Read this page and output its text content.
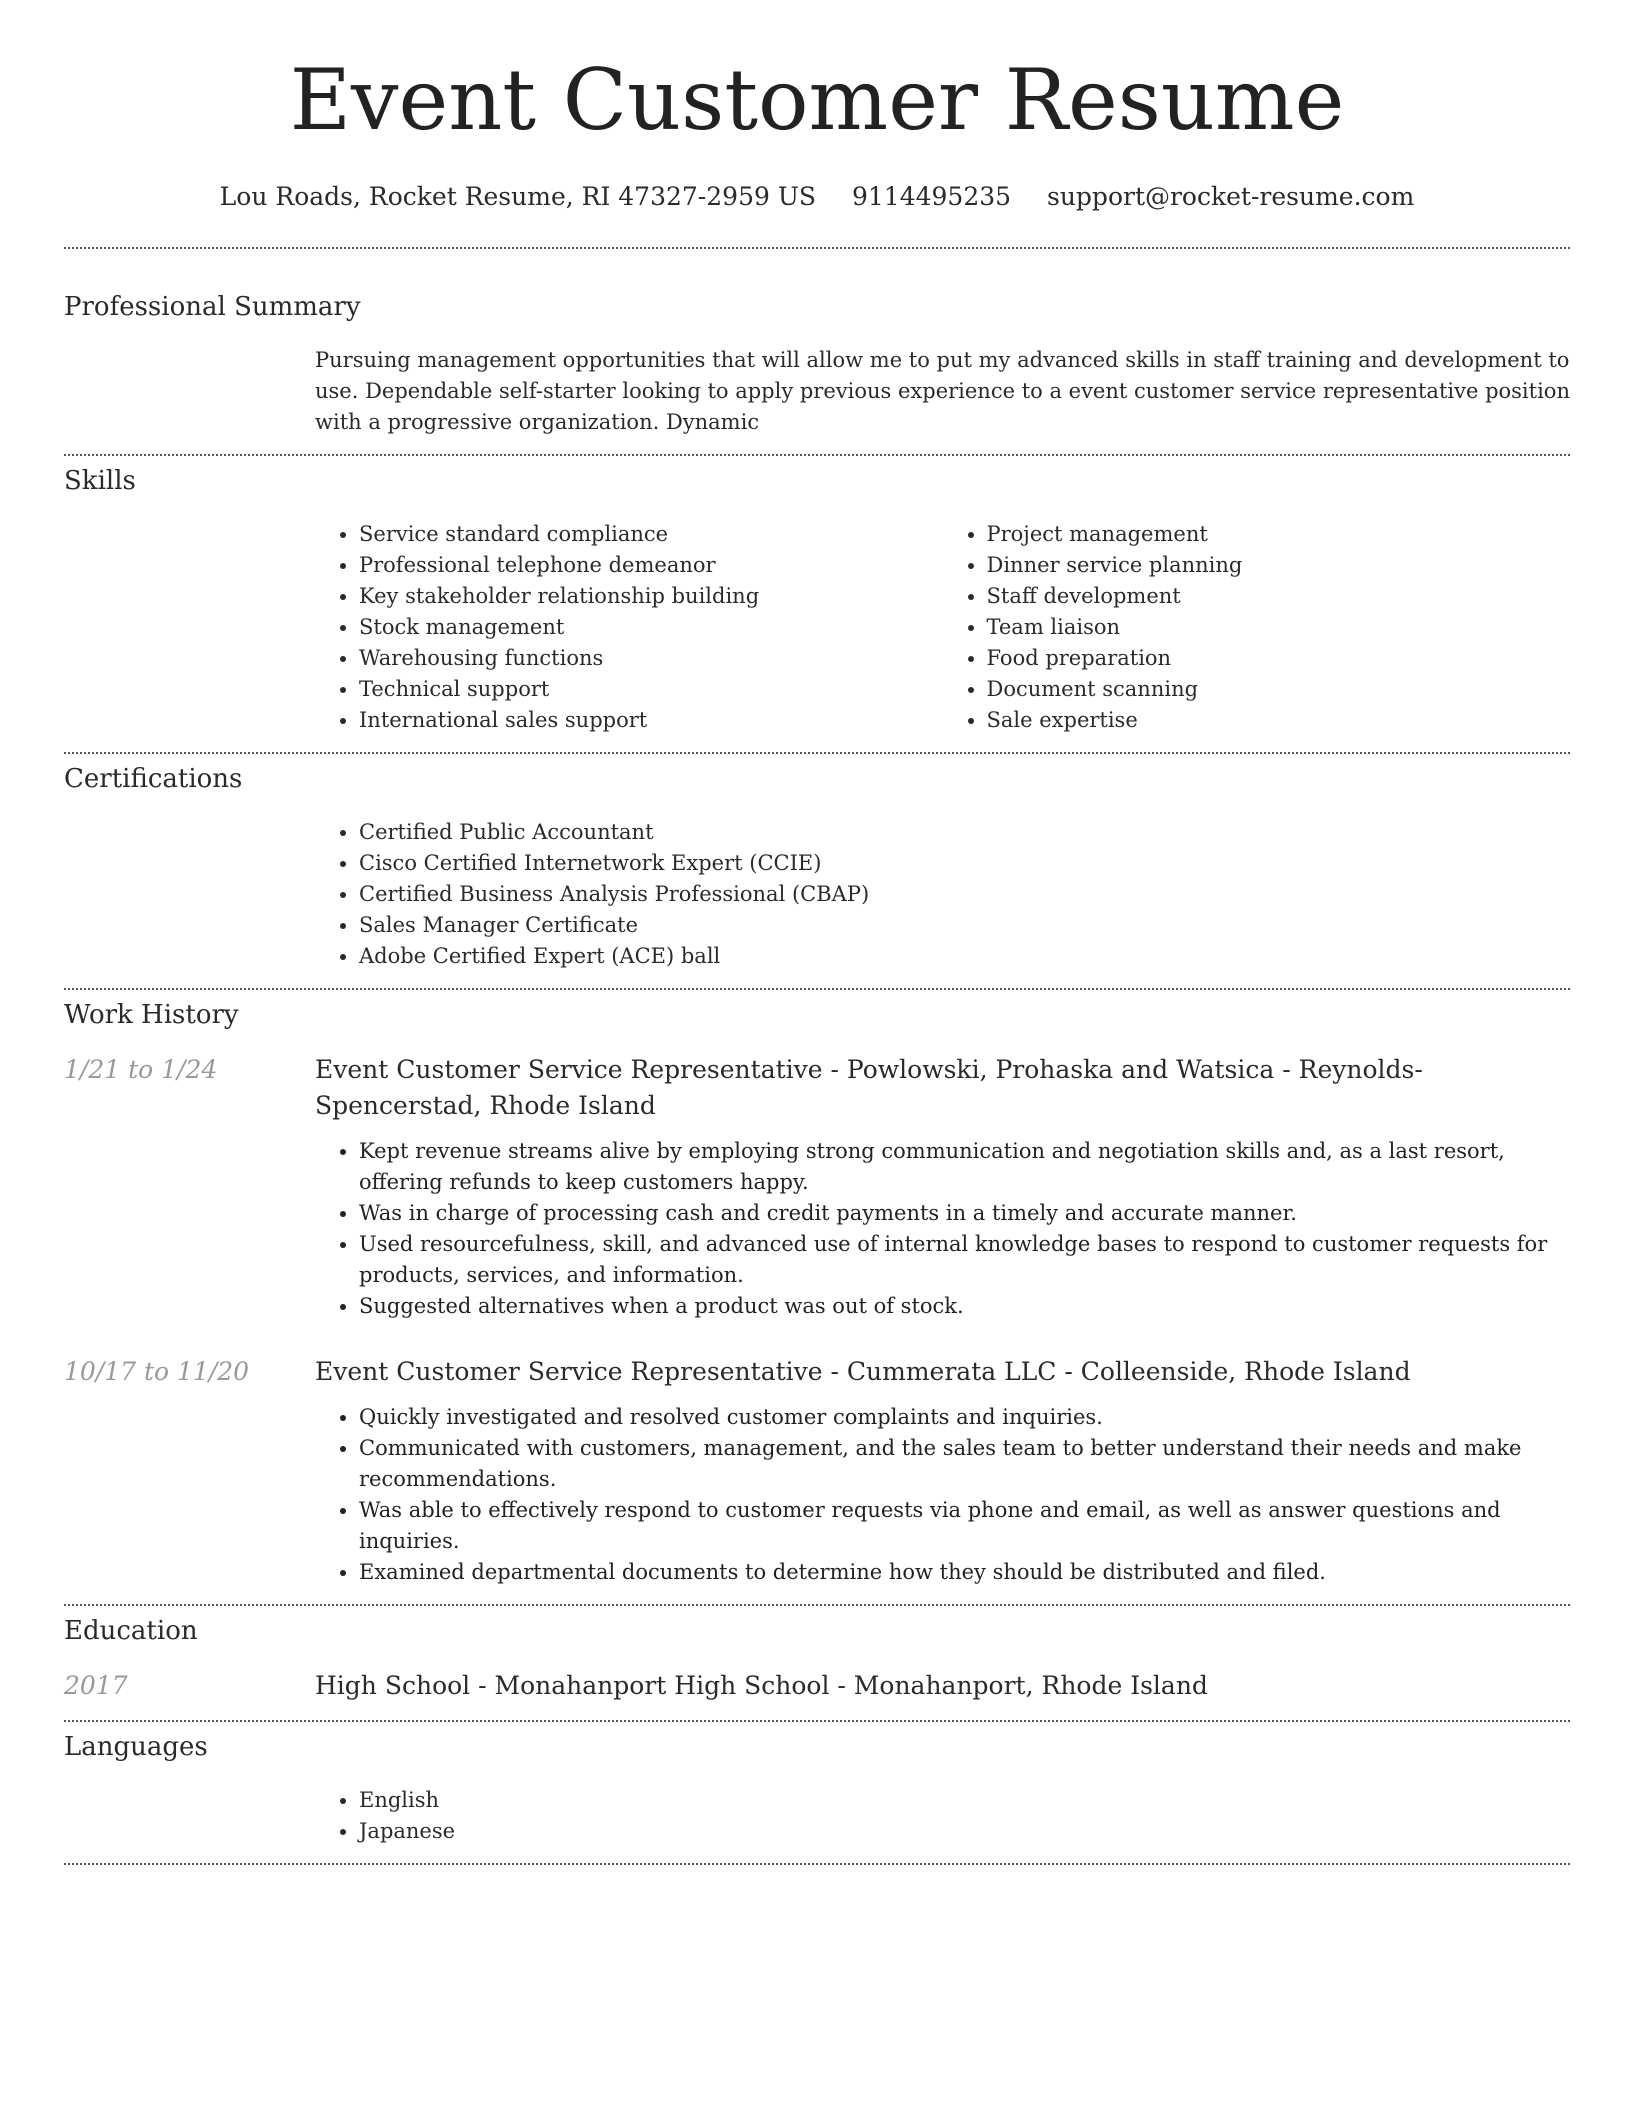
Event Customer Resume
Lou Roads, Rocket Resume, RI 47327-2959 US 9114495235 support@rocket-resume.com
Professional Summary
Pursuing management opportunities that will allow me to put my advanced skills in staff training and development to use. Dependable self-starter looking to apply previous experience to a event customer service representative position with a progressive organization. Dynamic
Skills
• Service standard compliance
• Professional telephone demeanor
• Key stakeholder relationship building
• Stock management
• Warehousing functions
• Technical support
• International sales support
• Project management
• Dinner service planning
• Staff development
• Team liaison
• Food preparation
• Document scanning
• Sale expertise
Certifications
• Certified Public Accountant
• Cisco Certified Internetwork Expert (CCIE)
• Certified Business Analysis Professional (CBAP)
• Sales Manager Certificate
• Adobe Certified Expert (ACE) ball
Work History
1/21 to 1/24	Event Customer Service Representative - Powlowski, Prohaska and Watsica - Reynolds-Spencerstad, Rhode Island
• Kept revenue streams alive by employing strong communication and negotiation skills and, as a last resort, offering refunds to keep customers happy.
• Was in charge of processing cash and credit payments in a timely and accurate manner.
• Used resourcefulness, skill, and advanced use of internal knowledge bases to respond to customer requests for products, services, and information.
• Suggested alternatives when a product was out of stock.
10/17 to 11/20	Event Customer Service Representative - Cummerata LLC - Colleenside, Rhode Island
• Quickly investigated and resolved customer complaints and inquiries.
• Communicated with customers, management, and the sales team to better understand their needs and make recommendations.
• Was able to effectively respond to customer requests via phone and email, as well as answer questions and inquiries.
• Examined departmental documents to determine how they should be distributed and filed.
Education
2017	High School - Monahanport High School - Monahanport, Rhode Island
Languages
• English
• Japanese
